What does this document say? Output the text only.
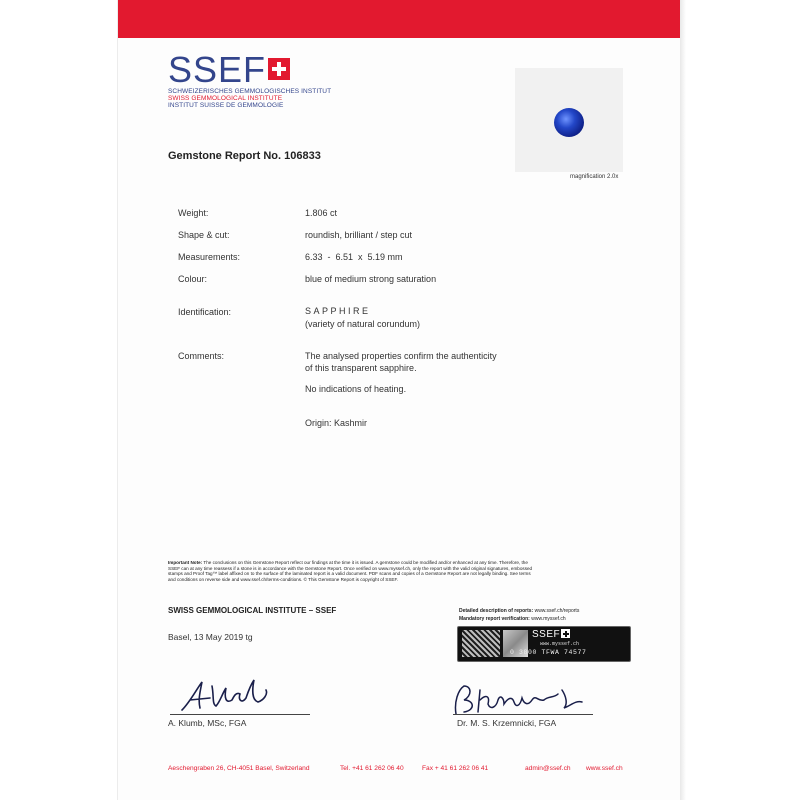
SSEF
SCHWEIZERISCHES GEMMOLOGISCHES INSTITUT
SWISS GEMMOLOGICAL INSTITUTE
INSTITUT SUISSE DE GEMMOLOGIE
magnification 2.0x
Gemstone Report No. 106833
Weight:	1.806 ct
Shape & cut:	roundish, brilliant / step cut
Measurements:	6.33  -  6.51  x  5.19 mm
Colour:	blue of medium strong saturation
Identification:	SAPPHIRE
(variety of natural corundum)
Comments:	The analysed properties confirm the authenticity
of this transparent sapphire.
No indications of heating.
Origin: Kashmir
Important Note: The conclusions on this Gemstone Report reflect our findings at the time it is issued. A gemstone could be modified and/or enhanced at any time. Therefore, the
SSEF can at any time reassess if a stone is in accordance with the Gemstone Report. Once verified on www.myssef.ch, only the report with the valid original signatures, embossed
stamps and Proof Tag™ label affixed on to the surface of the laminated report is a valid document. PDF scans and copies of a Gemstone Report are not legally binding. See terms
and conditions on reverse side and www.ssef.ch/terms-conditions. © This Gemstone Report is copyright of SSEF.
SWISS GEMMOLOGICAL INSTITUTE – SSEF
Basel, 13 May 2019 tg
Detailed description of reports: www.ssef.ch/reports
Mandatory report verification: www.myssef.ch
SSEF
www.myssef.ch
0 3800 TFWA 74577
A. Klumb, MSc, FGA	Dr. M. S. Krzemnicki, FGA
Aeschengraben 26, CH-4051 Basel, Switzerland	Tel. +41 61 262 06 40	Fax + 41 61 262 06 41	admin@ssef.ch www.ssef.ch
